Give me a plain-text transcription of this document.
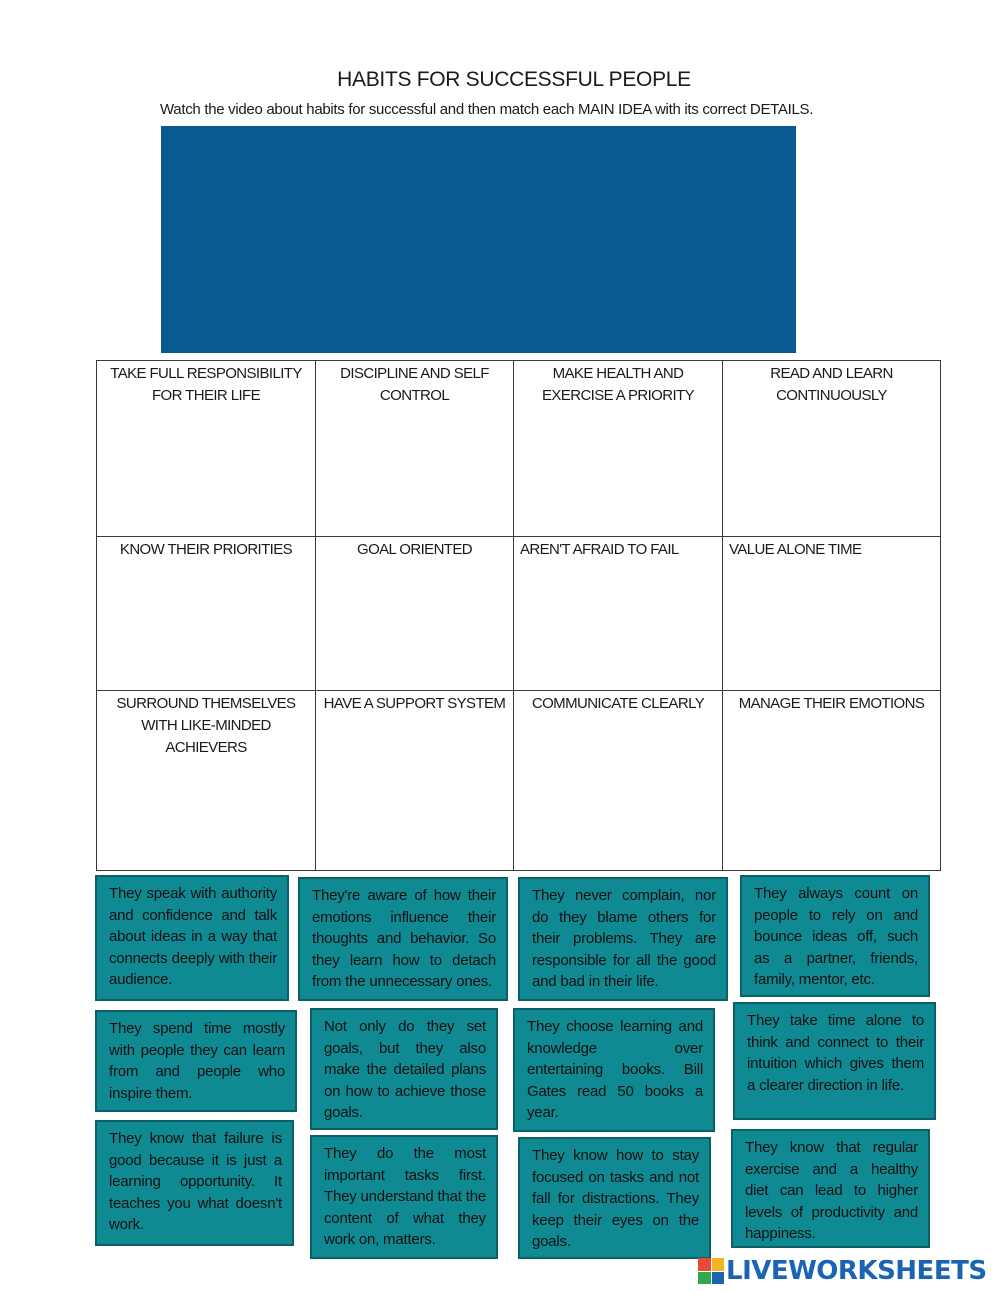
HABITS FOR SUCCESSFUL PEOPLE
Watch the video about habits for successful and then match each MAIN IDEA with its correct DETAILS.
TAKE FULL RESPONSIBILITY FOR THEIR LIFE	DISCIPLINE AND SELF CONTROL	MAKE HEALTH AND EXERCISE A PRIORITY	READ AND LEARN CONTINUOUSLY
KNOW THEIR PRIORITIES	GOAL ORIENTED	AREN'T AFRAID TO FAIL	VALUE ALONE TIME
SURROUND THEMSELVES WITH LIKE-MINDED ACHIEVERS	HAVE A SUPPORT SYSTEM	COMMUNICATE CLEARLY	MANAGE THEIR EMOTIONS
They speak with authority and confidence and talk about ideas in a way that connects deeply with their audience.
They're aware of how their emotions influence their thoughts and behavior. So they learn how to detach from the unnecessary ones.
They never complain, nor do they blame others for their problems. They are responsible for all the good and bad in their life.
They always count on people to rely on and bounce ideas off, such as a partner, friends, family, mentor, etc.
They spend time mostly with people they can learn from and people who inspire them.
Not only do they set goals, but they also make the detailed plans on how to achieve those goals.
They choose learning and knowledge over entertaining books. Bill Gates read 50 books a year.
They take time alone to think and connect to their intuition which gives them a clearer direction in life.
They know that failure is good because it is just a learning opportunity. It teaches you what doesn't work.
They do the most important tasks first. They understand that the content of what they work on, matters.
They know how to stay focused on tasks and not fall for distractions. They keep their eyes on the goals.
They know that regular exercise and a healthy diet can lead to higher levels of productivity and happiness.
LIVEWORKSHEETS
